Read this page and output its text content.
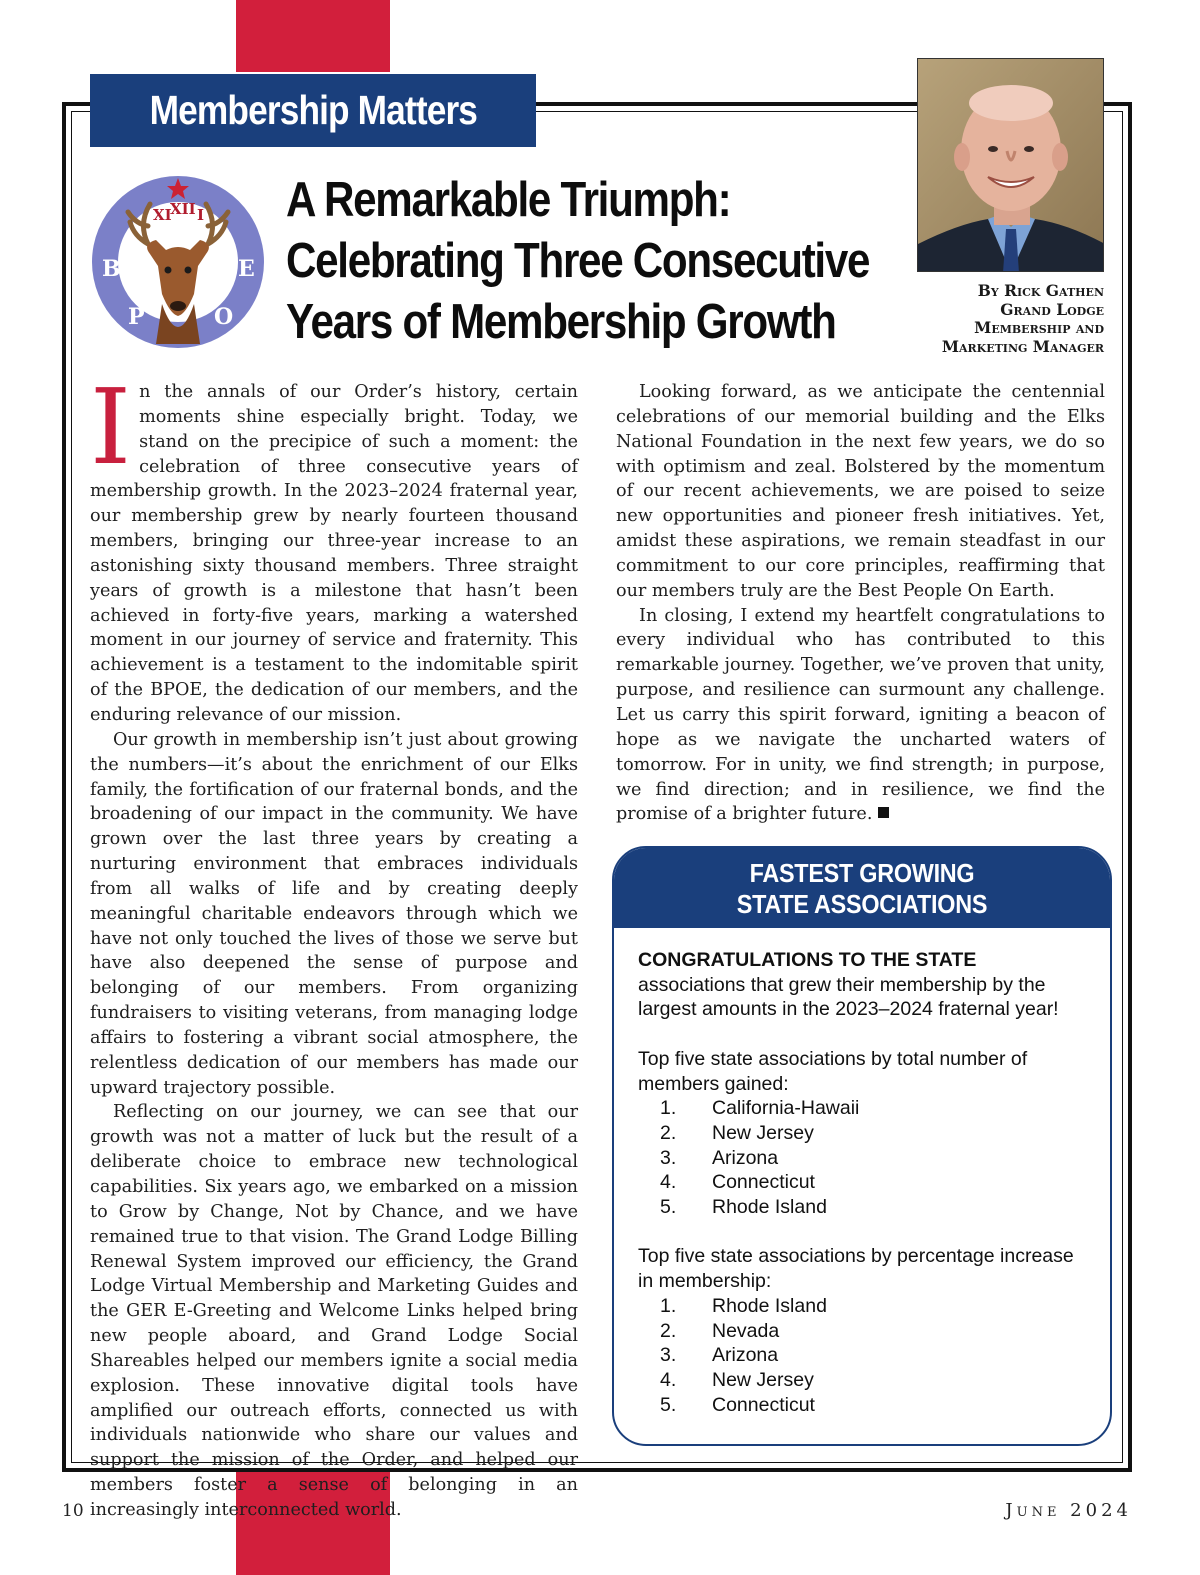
Membership Matters
By Rick Gathen
Grand Lodge
Membership and
Marketing Manager
XI
XII I
B
P	O
E
A Remarkable Triumph:
Celebrating Three Consecutive
Years of Membership Growth

In the annals of our Order’s history, certain moments shine especially bright. Today, we stand on the precipice of such a moment: the celebration of three consecutive years of membership growth. In the 2023–2024 fraternal year, our membership grew by nearly fourteen thousand members, bringing our three-year increase to an astonishing sixty thousand members. Three straight years of growth is a milestone that hasn’t been achieved in forty-five years, marking a watershed moment in our journey of service and fraternity. This achievement is a testament to the indomitable spirit of the BPOE, the dedication of our members, and the enduring relevance of our mission.

Our growth in membership isn’t just about growing the numbers—it’s about the enrichment of our Elks family, the fortification of our fraternal bonds, and the broadening of our impact in the community. We have grown over the last three years by creating a nurturing environment that embraces individuals from all walks of life and by creating deeply meaningful charitable endeavors through which we have not only touched the lives of those we serve but have also deepened the sense of purpose and belonging of our members. From organizing fundraisers to visiting veterans, from managing lodge affairs to fostering a vibrant social atmosphere, the relentless dedication of our members has made our upward trajectory possible.

Reflecting on our journey, we can see that our growth was not a matter of luck but the result of a deliberate choice to embrace new technological capabilities. Six years ago, we embarked on a mission to Grow by Change, Not by Chance, and we have remained true to that vision. The Grand Lodge Billing Renewal System improved our efficiency, the Grand Lodge Virtual Membership and Marketing Guides and the GER E-Greeting and Welcome Links helped bring new people aboard, and Grand Lodge Social Shareables helped our members ignite a social media explosion. These innovative digital tools have amplified our outreach efforts, connected us with individuals nationwide who share our values and support the mission of the Order, and helped our members foster a sense of belonging in an increasingly interconnected world.

Looking forward, as we anticipate the centennial celebrations of our memorial building and the Elks National Foundation in the next few years, we do so with optimism and zeal. Bolstered by the momentum of our recent achievements, we are poised to seize new opportunities and pioneer fresh initiatives. Yet, amidst these aspirations, we remain steadfast in our commitment to our core principles, reaffirming that our members truly are the Best People On Earth.

In closing, I extend my heartfelt congratulations to every individual who has contributed to this remarkable journey. Together, we’ve proven that unity, purpose, and resilience can surmount any challenge. Let us carry this spirit forward, igniting a beacon of hope as we navigate the uncharted waters of tomorrow. For in unity, we find strength; in purpose, we find direction; and in resilience, we find the promise of a brighter future.

FASTEST GROWING
STATE ASSOCIATIONS

CONGRATULATIONS TO THE STATE associations that grew their membership by the largest amounts in the 2023–2024 fraternal year!

Top five state associations by total number of members gained:
1.	California-Hawaii
2.	New Jersey
3.	Arizona
4.	Connecticut
5.	Rhode Island
Top five state associations by percentage increase in membership:
1.	Rhode Island
2.	Nevada
3.	Arizona
4.	New Jersey
5.	Connecticut
10	June 2024
